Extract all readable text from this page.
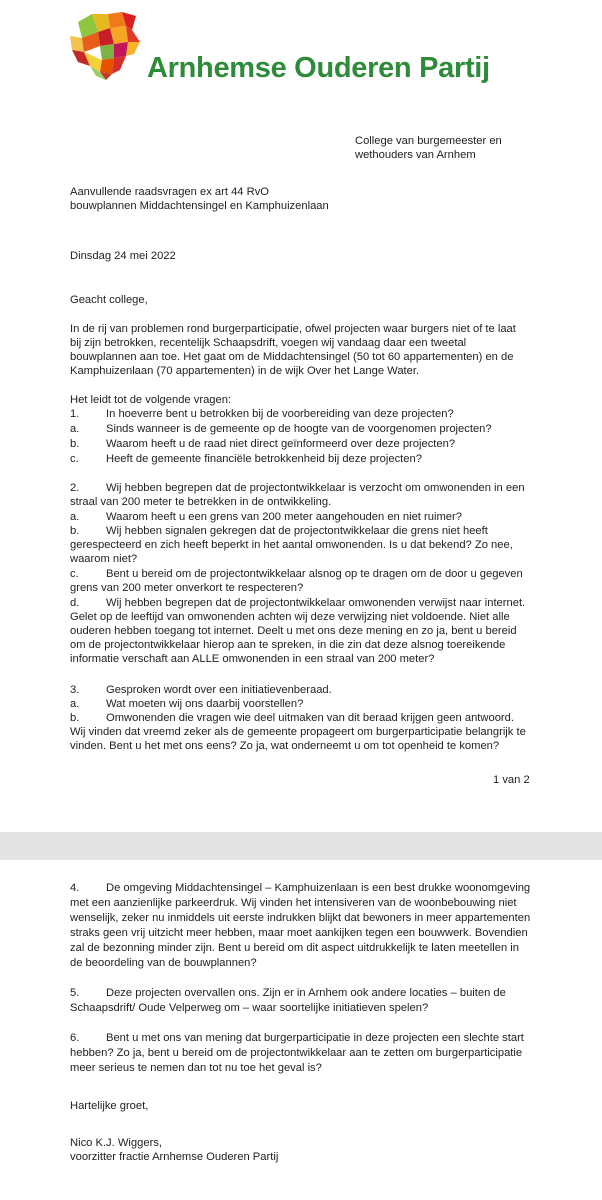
Arnhemse Ouderen Partij
College van burgemeester en
wethouders van Arnhem
Aanvullende raadsvragen ex art 44 RvO
bouwplannen Middachtensingel en Kamphuizenlaan
Dinsdag 24 mei 2022
Geacht college,
In de rij van problemen rond burgerparticipatie, ofwel projecten waar burgers niet of te laat
bij zijn betrokken, recentelijk Schaapsdrift, voegen wij vandaag daar een tweetal
bouwplannen aan toe. Het gaat om de Middachtensingel (50 tot 60 appartementen) en de
Kamphuizenlaan (70 appartementen) in de wijk Over het Lange Water.
Het leidt tot de volgende vragen:
1. In hoeverre bent u betrokken bij de voorbereiding van deze projecten?
a. Sinds wanneer is de gemeente op de hoogte van de voorgenomen projecten?
b. Waarom heeft u de raad niet direct geïnformeerd over deze projecten?
c. Heeft de gemeente financiële betrokkenheid bij deze projecten?
2. Wij hebben begrepen dat de projectontwikkelaar is verzocht om omwonenden in een
straal van 200 meter te betrekken in de ontwikkeling.
a. Waarom heeft u een grens van 200 meter aangehouden en niet ruimer?
b. Wij hebben signalen gekregen dat de projectontwikkelaar die grens niet heeft
gerespecteerd en zich heeft beperkt in het aantal omwonenden. Is u dat bekend? Zo nee,
waarom niet?
c. Bent u bereid om de projectontwikkelaar alsnog op te dragen om de door u gegeven
grens van 200 meter onverkort te respecteren?
d. Wij hebben begrepen dat de projectontwikkelaar omwonenden verwijst naar internet.
Gelet op de leeftijd van omwonenden achten wij deze verwijzing niet voldoende. Niet alle
ouderen hebben toegang tot internet. Deelt u met ons deze mening en zo ja, bent u bereid
om de projectontwikkelaar hierop aan te spreken, in die zin dat deze alsnog toereikende
informatie verschaft aan ALLE omwonenden in een straal van 200 meter?
3. Gesproken wordt over een initiatievenberaad.
a. Wat moeten wij ons daarbij voorstellen?
b. Omwonenden die vragen wie deel uitmaken van dit beraad krijgen geen antwoord.
Wij vinden dat vreemd zeker als de gemeente propageert om burgerparticipatie belangrijk te
vinden. Bent u het met ons eens? Zo ja, wat onderneemt u om tot openheid te komen?
1 van 2
4. De omgeving Middachtensingel – Kamphuizenlaan is een best drukke woonomgeving
met een aanzienlijke parkeerdruk. Wij vinden het intensiveren van de woonbebouwing niet
wenselijk, zeker nu inmiddels uit eerste indrukken blijkt dat bewoners in meer appartementen
straks geen vrij uitzicht meer hebben, maar moet aankijken tegen een bouwwerk. Bovendien
zal de bezonning minder zijn. Bent u bereid om dit aspect uitdrukkelijk te laten meetellen in
de beoordeling van de bouwplannen?
5. Deze projecten overvallen ons. Zijn er in Arnhem ook andere locaties – buiten de
Schaapsdrift/ Oude Velperweg om – waar soortelijke initiatieven spelen?
6. Bent u met ons van mening dat burgerparticipatie in deze projecten een slechte start
hebben? Zo ja, bent u bereid om de projectontwikkelaar aan te zetten om burgerparticipatie
meer serieus te nemen dan tot nu toe het geval is?
Hartelijke groet,
Nico K.J. Wiggers,
voorzitter fractie Arnhemse Ouderen Partij
